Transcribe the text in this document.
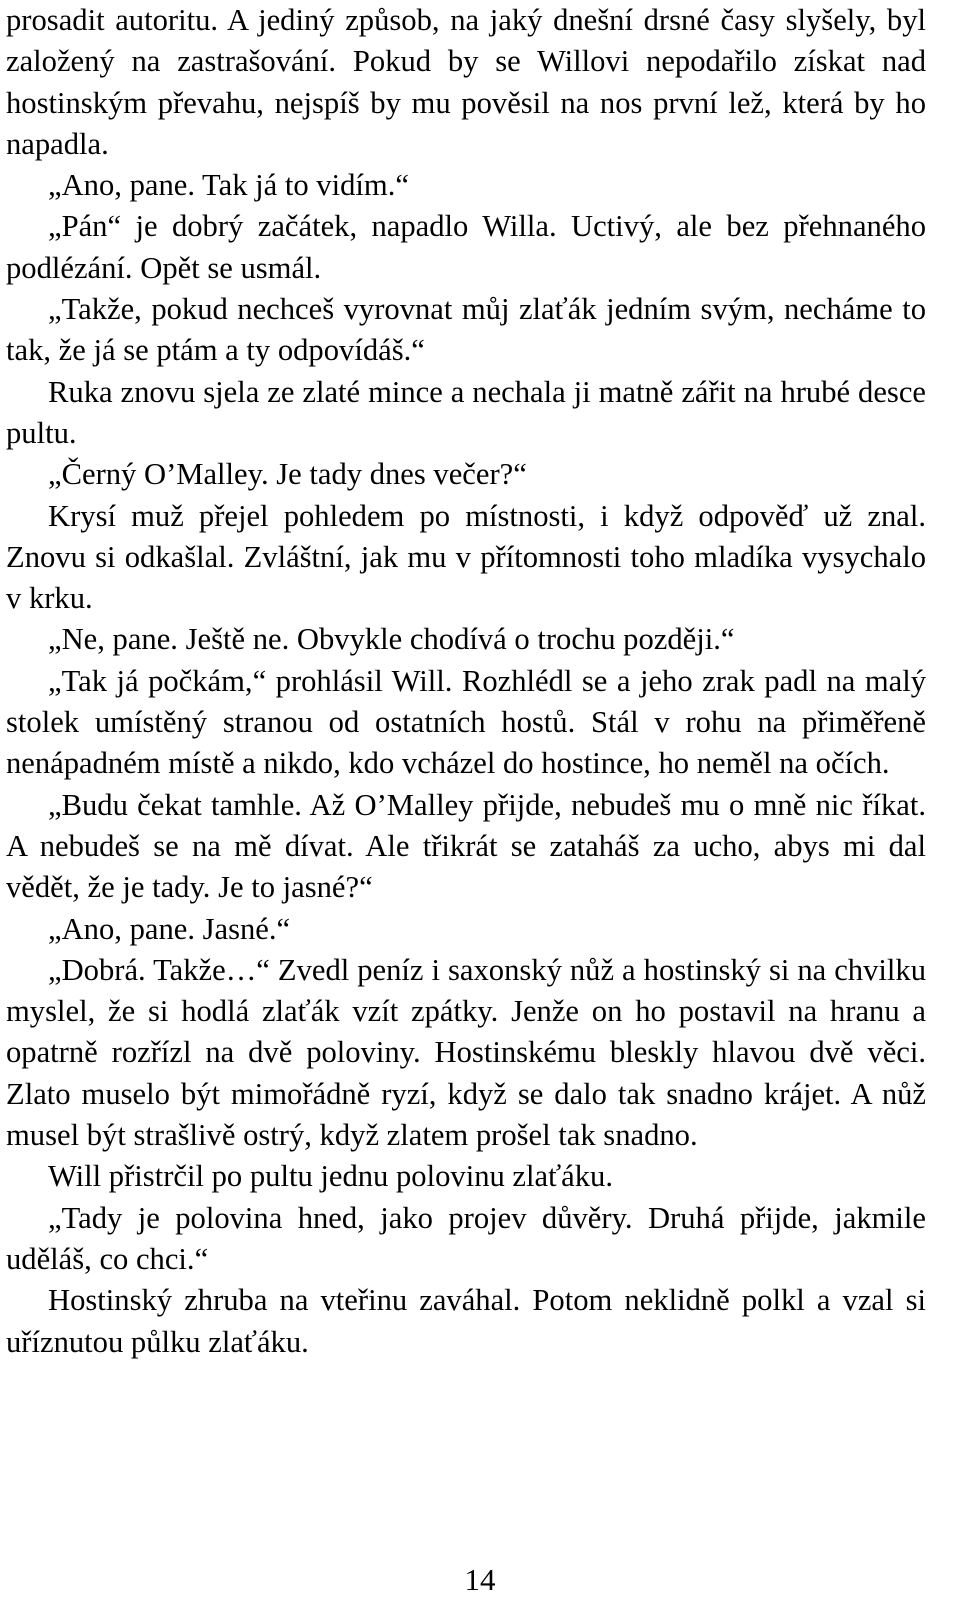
prosadit autoritu. A jediný způsob, na jaký dnešní drsné časy slyšely, byl založený na zastrašování. Pokud by se Willovi nepodařilo získat nad hostinským převahu, nejspíš by mu pověsil na nos první lež, která by ho napadla.

„Ano, pane. Tak já to vidím.“

„Pán“ je dobrý začátek, napadlo Willa. Uctivý, ale bez přehnaného podlézání. Opět se usmál.

„Takže, pokud nechceš vyrovnat můj zlaťák jedním svým, necháme to tak, že já se ptám a ty odpovídáš.“

Ruka znovu sjela ze zlaté mince a nechala ji matně zářit na hrubé desce pultu.

„Černý O’Malley. Je tady dnes večer?“

Krysí muž přejel pohledem po místnosti, i když odpověď už znal. Znovu si odkašlal. Zvláštní, jak mu v přítomnosti toho mladíka vysychalo v krku.

„Ne, pane. Ještě ne. Obvykle chodívá o trochu později.“

„Tak já počkám,“ prohlásil Will. Rozhlédl se a jeho zrak padl na malý stolek umístěný stranou od ostatních hostů. Stál v rohu na přiměřeně nenápadném místě a nikdo, kdo vcházel do hostince, ho neměl na očích.

„Budu čekat tamhle. Až O’Malley přijde, nebudeš mu o mně nic říkat. A nebudeš se na mě dívat. Ale třikrát se zataháš za ucho, abys mi dal vědět, že je tady. Je to jasné?“

„Ano, pane. Jasné.“

„Dobrá. Takže…“ Zvedl peníz i saxonský nůž a hostinský si na chvilku myslel, že si hodlá zlaťák vzít zpátky. Jenže on ho postavil na hranu a opatrně rozřízl na dvě poloviny. Hostinskému bleskly hlavou dvě věci. Zlato muselo být mimořádně ryzí, když se dalo tak snadno krájet. A nůž musel být strašlivě ostrý, když zlatem prošel tak snadno.

Will přistrčil po pultu jednu polovinu zlaťáku.

„Tady je polovina hned, jako projev důvěry. Druhá přijde, jakmile uděláš, co chci.“

Hostinský zhruba na vteřinu zaváhal. Potom neklidně polkl a vzal si uříznutou půlku zlaťáku.

14
